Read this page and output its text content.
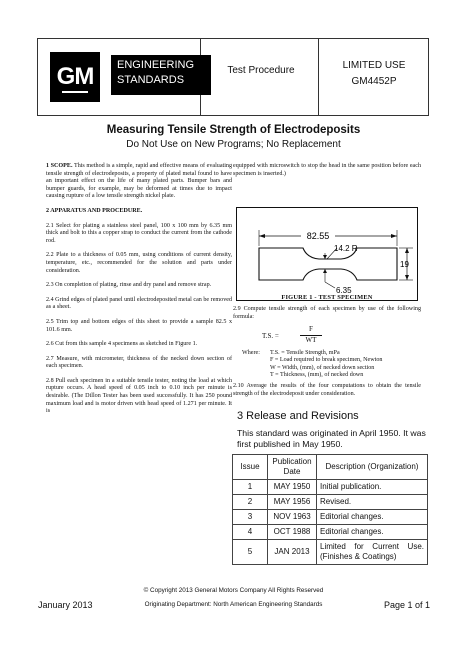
GM ENGINEERING
STANDARDS
Test Procedure	LIMITED USE
GM4452P
Measuring Tensile Strength of Electrodeposits
Do Not Use on New Programs; No Replacement

1 SCOPE. This method is a simple, rapid and effective means of evaluating tensile strength of electrodeposits, a property of plated metal found to have an important effect on the life of many plated parts. Bumper bars and bumper guards, for example, may be deformed at times due to impact causing rupture of a low tensile strength nickel plate.

2 APPARATUS AND PROCEDURE.

2.1 Select for plating a stainless steel panel, 100 x 100 mm by 6.35 mm thick and bolt to this a copper strap to conduct the current from the cathode rod.

2.2 Plate to a thickness of 0.05 mm, using conditions of current density, temperature, etc., recommended for the solution and parts under consideration.

2.3 On completion of plating, rinse and dry panel and remove strap.

2.4 Grind edges of plated panel until electrodeposited metal can be removed as a sheet.

2.5 Trim top and bottom edges of this sheet to provide a sample 82.5 x 101.6 mm.

2.6 Cut from this sample 4 specimens as sketched in Figure 1.

2.7 Measure, with micrometer, thickness of the necked down section of each specimen.

2.8 Pull each specimen in a suitable tensile tester, noting the load at which rupture occurs. A head speed of 0.05 inch to 0.10 inch per minute is desirable. (The Dillon Tester has been used successfully. It has 250 pound maximum load and is motor driven with head speed of 1.271 per minute. It is

equipped with microswitch to stop the head in the same position before each specimen is inserted.)
82.55
14.2 R
19
6.35
FIGURE 1 - TEST SPECIMEN
2.9 Compute tensile strength of each specimen by use of the following formula:
T.S. =
F
WT
Where:	T.S. = Tensile Strength, mPa
F = Load required to break specimen, Newton
W = Width, (mm), of necked down section
T = Thickness, (mm), of necked down
2.10 Average the results of the four computations to obtain the tensile strength of the electrodeposit under consideration.
3 Release and Revisions
This standard was originated in April 1950. It was first published in May 1950.
Issue	Publication Date	Description (Organization)
1	MAY 1950	Initial publication.
2	MAY 1956	Revised.
3	NOV 1963	Editorial changes.
4	OCT 1988	Editorial changes.
5	JAN 2013	Limited for Current Use. (Finishes & Coatings)
© Copyright 2013 General Motors Company All Rights Reserved
January 2013	Originating Department: North American Engineering Standards	Page 1 of 1
